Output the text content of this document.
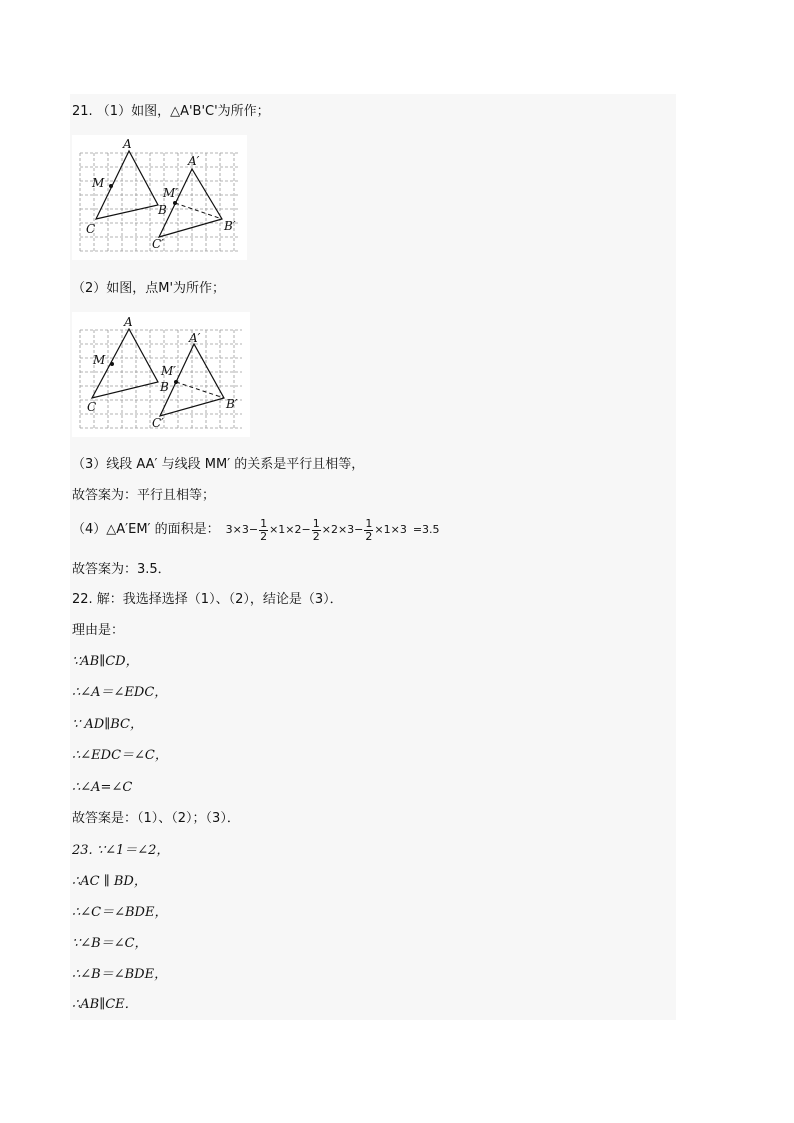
21. （1）如图，△A'B'C'为所作；
A
M
B
C
A′
M′
B′
C′
（2）如图，点M'为所作；
A
M
B
C
A′
M′
B′
C′
（3）线段 AA′ 与线段 MM′ 的关系是平行且相等，
故答案为：平行且相等；
（4）△A′EM′ 的面积是： $3\times 3- \frac{1}{2} \times 1\times 2- \frac{1}{2} \times 2\times 3- \frac{1}{2} \times 1\times 3 =3.5$
故答案为：3.5．
22. 解：我选择选择（1）、（2），结论是（3）．
理由是：
∵AB∥CD，
∴∠A＝∠EDC，
∵ AD∥BC，
∴∠EDC＝∠C，
∴∠A=∠C
故答案是：（1）、（2）；（3）．
23. ∵∠1＝∠2，
∴AC ∥ BD，
∴∠C＝∠BDE，
∵∠B＝∠C，
∴∠B＝∠BDE，
∴AB∥CE．
